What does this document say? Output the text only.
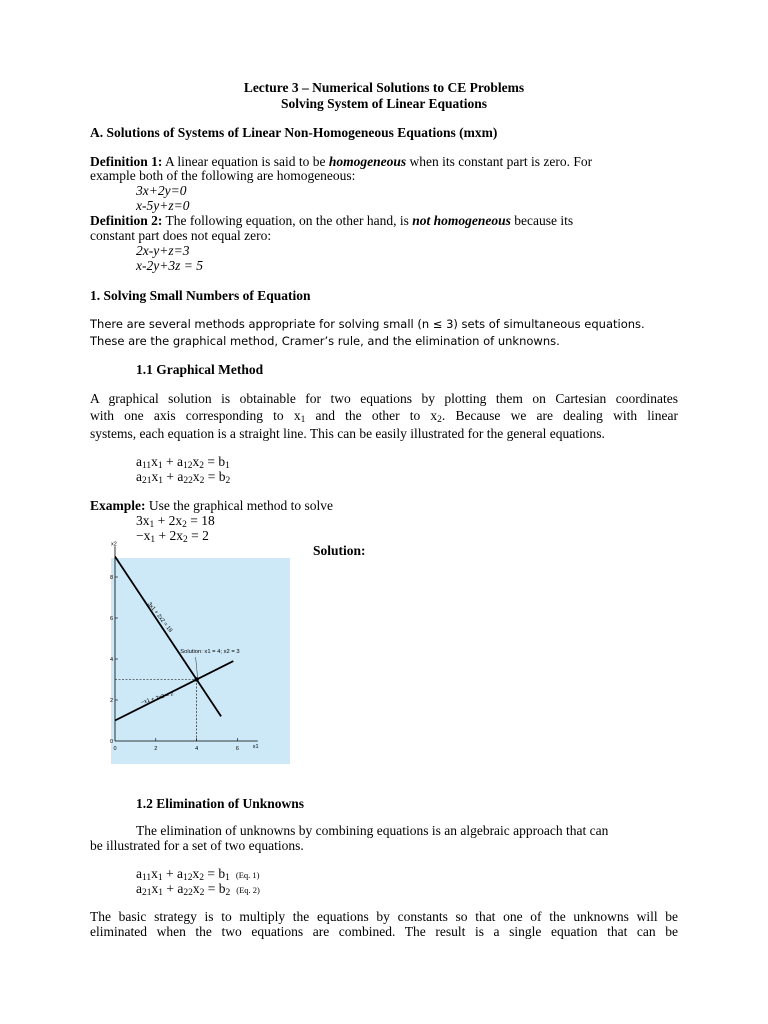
Lecture 3 – Numerical Solutions to CE Problems
Solving System of Linear Equations
A. Solutions of Systems of Linear Non-Homogeneous Equations (mxm)
Definition 1: A linear equation is said to be homogeneous when its constant part is zero. For
example both of the following are homogeneous:
3x+2y=0
x-5y+z=0
Definition 2: The following equation, on the other hand, is not homogeneous because its
constant part does not equal zero:
2x-y+z=3
x-2y+3z = 5
1. Solving Small Numbers of Equation
There are several methods appropriate for solving small (n ≤ 3) sets of simultaneous equations.
These are the graphical method, Cramer’s rule, and the elimination of unknowns.
1.1 Graphical Method
A graphical solution is obtainable for two equations by plotting them on Cartesian coordinates
with one axis corresponding to $x_1$ and the other to $x_2$. Because we are dealing with linear
systems, each equation is a straight line. This can be easily illustrated for the general equations.
$a_{11}x_1 + a_{12}x_2 = b_1$
$a_{21}x_1 + a_{22}x_2 = b_2$
Example: Use the graphical method to solve
$3x_1 + 2x_2 = 18$
$-x_1 + 2x_2 = 2$
Solution:
0	2	4	6
0
2
4
6
8
x1
x2
3x1 + 2x2 = 18
−x1 + 2x2 = 2
Solution: x1 = 4; x2 = 3
1.2 Elimination of Unknowns
The elimination of unknowns by combining equations is an algebraic approach that can
be illustrated for a set of two equations.
$a_{11}x_1 + a_{12}x_2 = b_1$ (Eq. 1)
$a_{21}x_1 + a_{22}x_2 = b_2$ (Eq. 2)
The basic strategy is to multiply the equations by constants so that one of the unknowns will be
eliminated when the two equations are combined. The result is a single equation that can be
